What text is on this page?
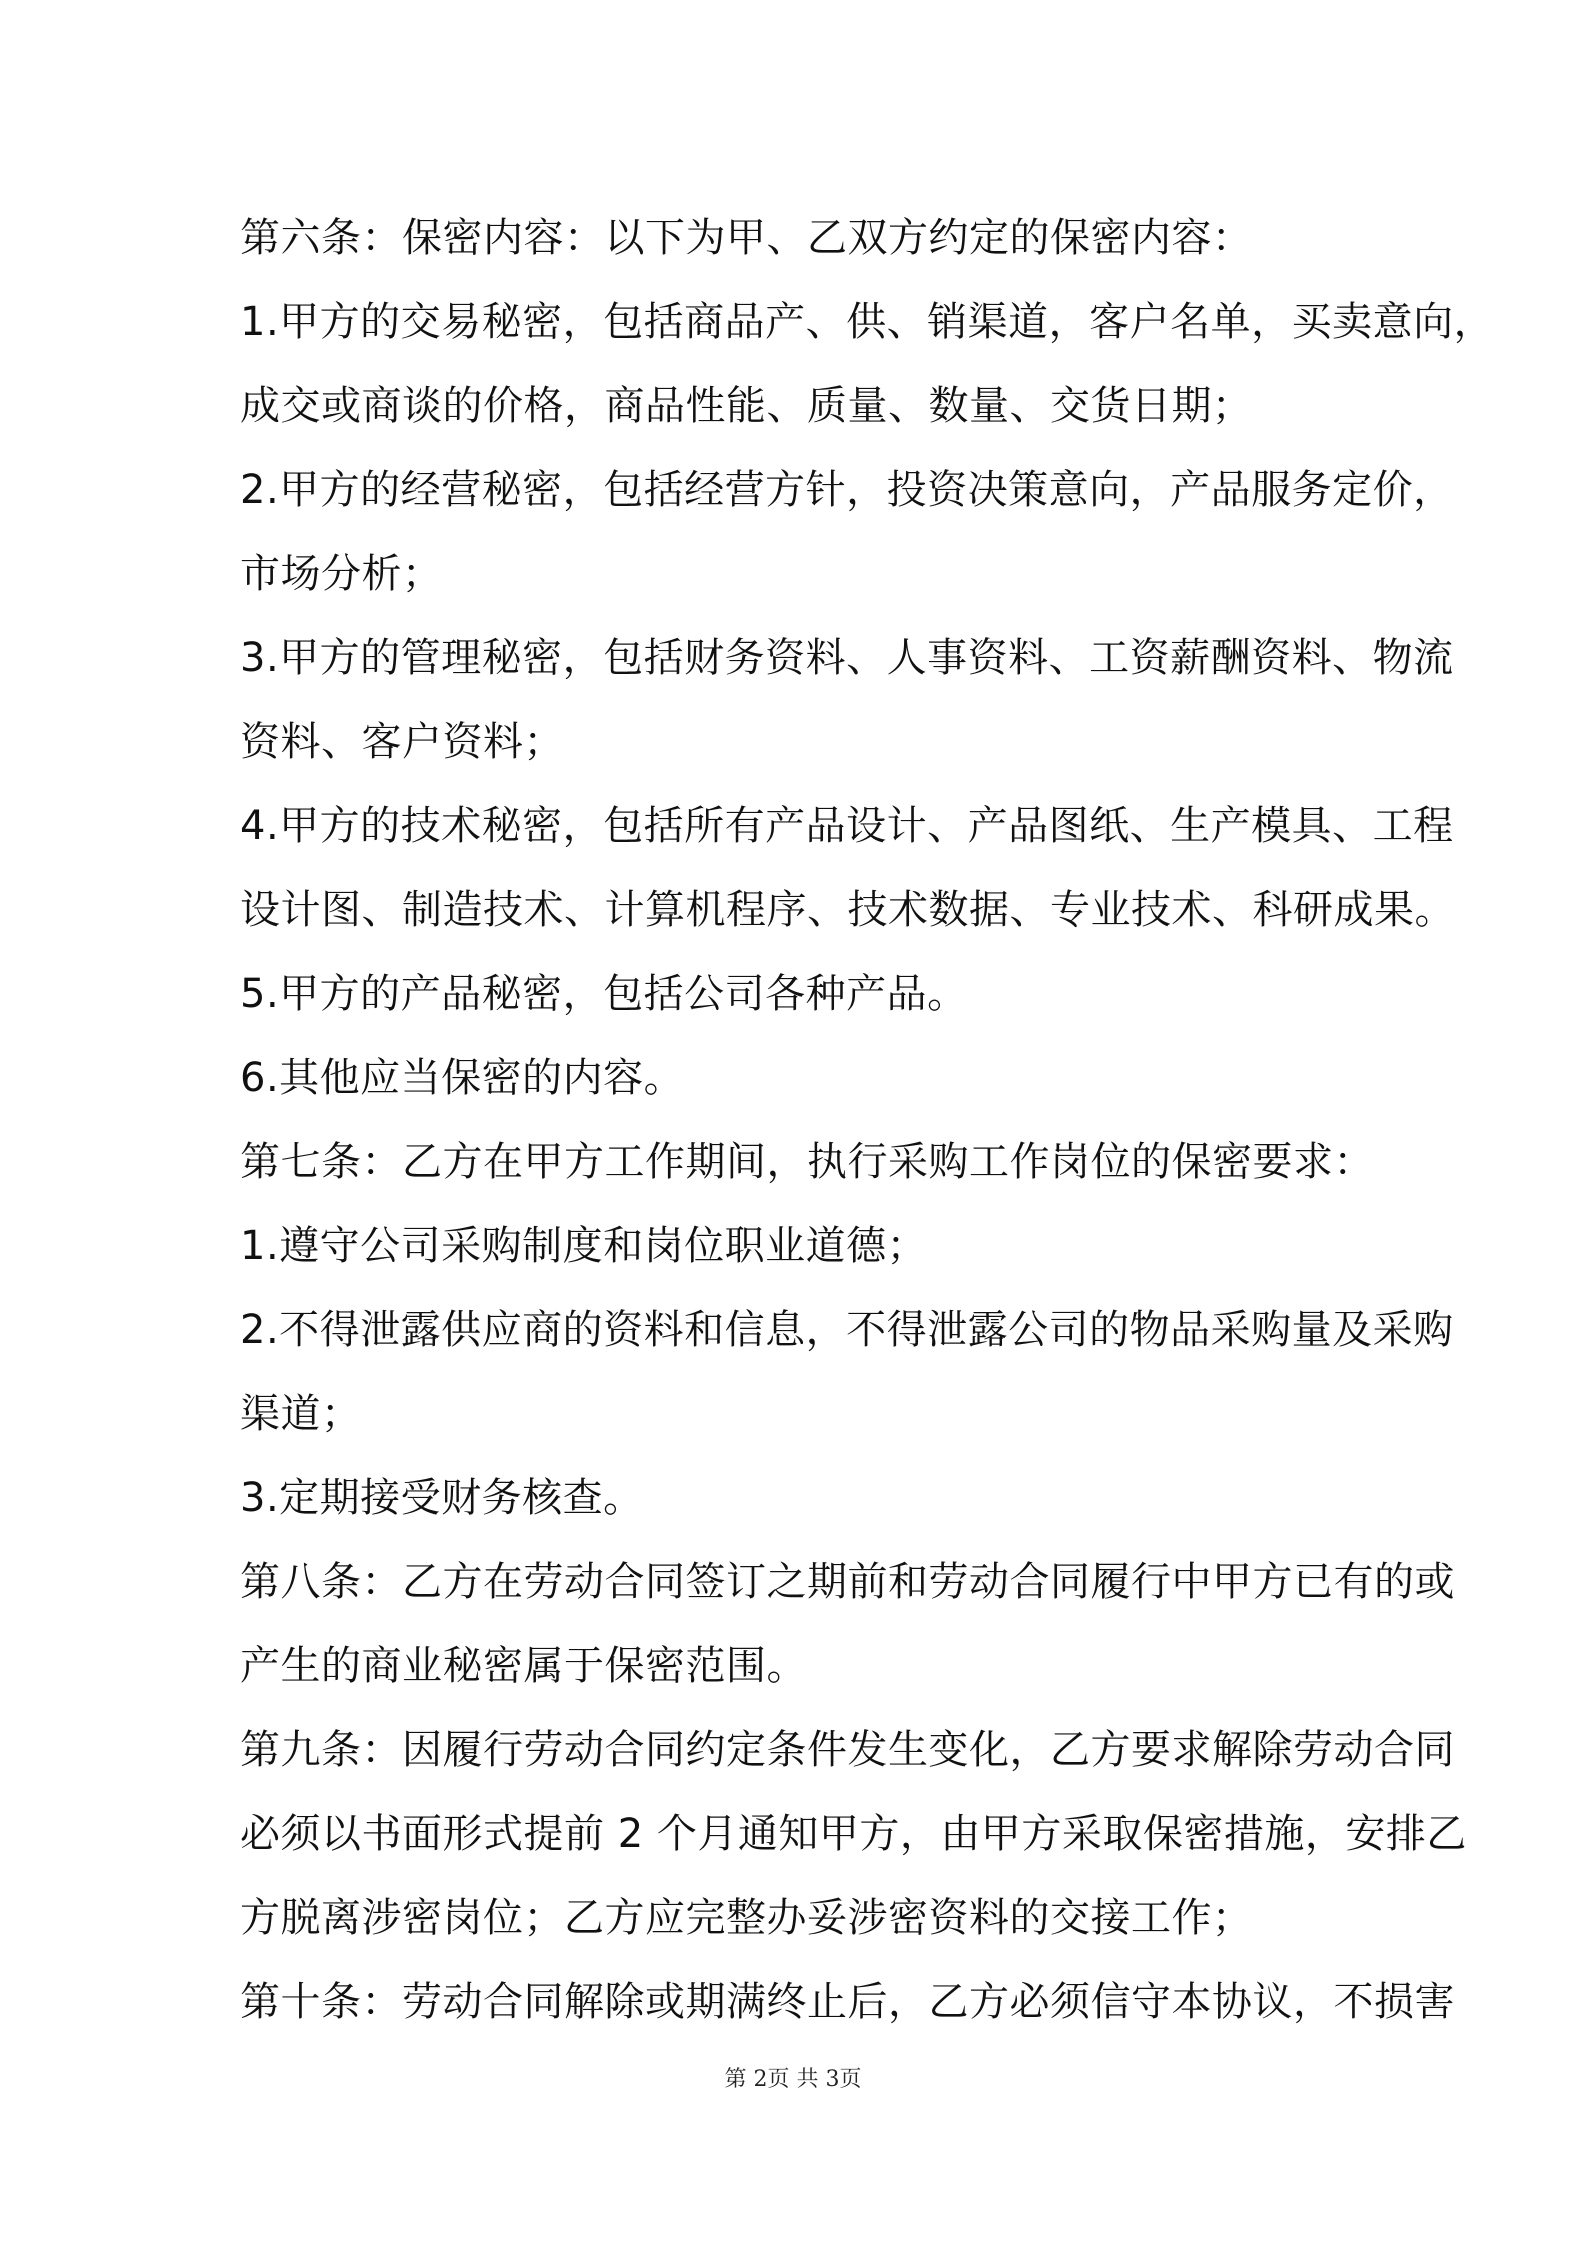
第六条：保密内容：以下为甲、乙双方约定的保密内容：
1.甲方的交易秘密，包括商品产、供、销渠道，客户名单，买卖意向，
成交或商谈的价格，商品性能、质量、数量、交货日期；
2.甲方的经营秘密，包括经营方针，投资决策意向，产品服务定价，
市场分析；
3.甲方的管理秘密，包括财务资料、人事资料、工资薪酬资料、物流
资料、客户资料；
4.甲方的技术秘密，包括所有产品设计、产品图纸、生产模具、工程
设计图、制造技术、计算机程序、技术数据、专业技术、科研成果。
5.甲方的产品秘密，包括公司各种产品。
6.其他应当保密的内容。
第七条：乙方在甲方工作期间，执行采购工作岗位的保密要求：
1.遵守公司采购制度和岗位职业道德；
2.不得泄露供应商的资料和信息，不得泄露公司的物品采购量及采购
渠道；
3.定期接受财务核查。
第八条：乙方在劳动合同签订之期前和劳动合同履行中甲方已有的或
产生的商业秘密属于保密范围。
第九条：因履行劳动合同约定条件发生变化，乙方要求解除劳动合同
必须以书面形式提前 2 个月通知甲方，由甲方采取保密措施，安排乙
方脱离涉密岗位；乙方应完整办妥涉密资料的交接工作；
第十条：劳动合同解除或期满终止后，乙方必须信守本协议，不损害
第 2页 共 3页
